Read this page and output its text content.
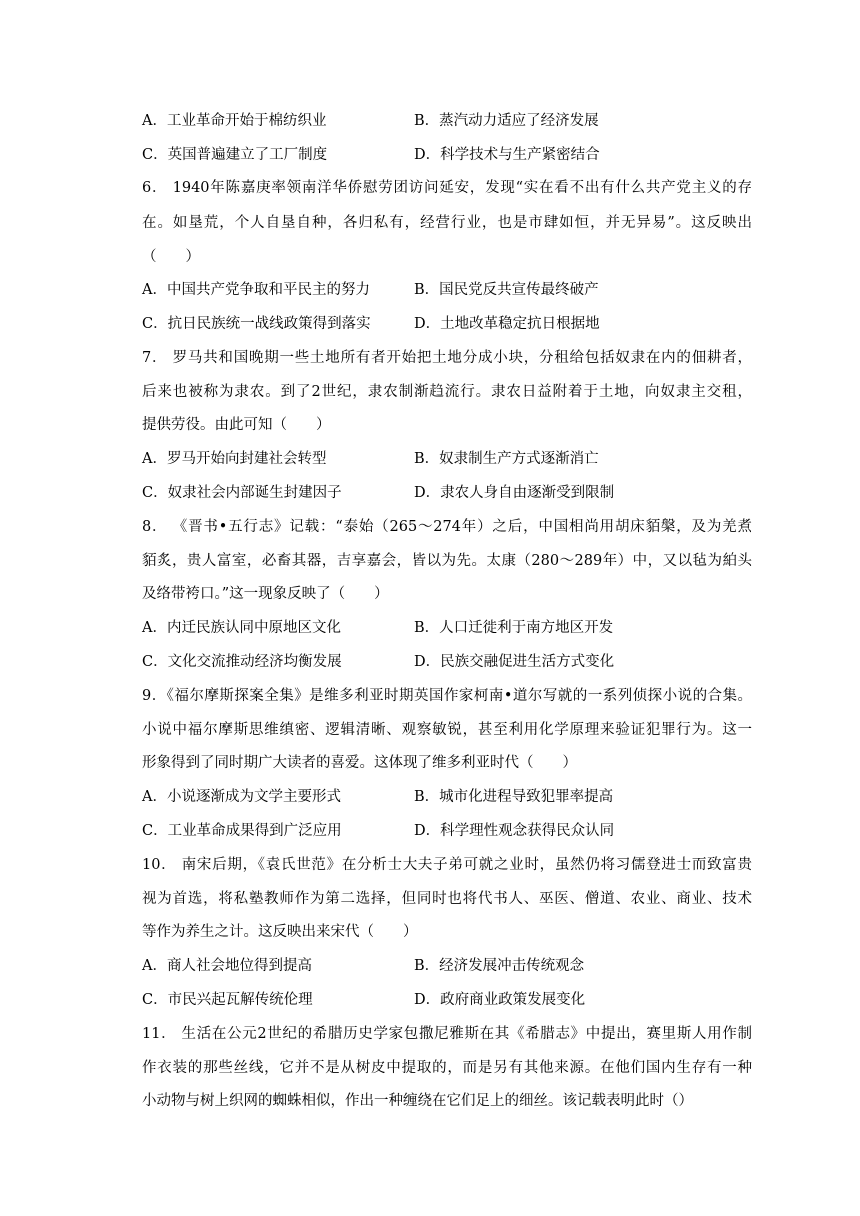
A．工业革命开始于棉纺织业	B．蒸汽动力适应了经济发展
C．英国普遍建立了工厂制度	D．科学技术与生产紧密结合
6． 1940年陈嘉庚率领南洋华侨慰劳团访问延安，发现“实在看不出有什么共产党主义的存
在。如垦荒，个人自垦自种，各归私有，经营行业，也是市肆如恒，并无异易”。这反映出
（　　）
A．中国共产党争取和平民主的努力	B．国民党反共宣传最终破产
C．抗日民族统一战线政策得到落实	D．土地改革稳定抗日根据地
7． 罗马共和国晚期一些土地所有者开始把土地分成小块，分租给包括奴隶在内的佃耕者，
后来也被称为隶农。到了2世纪，隶农制渐趋流行。隶农日益附着于土地，向奴隶主交租，
提供劳役。由此可知（　　）
A．罗马开始向封建社会转型	B．奴隶制生产方式逐渐消亡
C．奴隶社会内部诞生封建因子	D．隶农人身自由逐渐受到限制
8． 《晋书•五行志》记载：“泰始（265～274年）之后，中国相尚用胡床貊槃，及为羌煮
貊炙，贵人富室，必畜其器，吉享嘉会，皆以为先。太康（280～289年）中，又以毡为絈头
及络带袴口。”这一现象反映了（　　）
A．内迁民族认同中原地区文化	B．人口迁徙利于南方地区开发
C．文化交流推动经济均衡发展	D．民族交融促进生活方式变化
9．《福尔摩斯探案全集》是维多利亚时期英国作家柯南•道尔写就的一系列侦探小说的合集。
小说中福尔摩斯思维缜密、逻辑清晰、观察敏锐，甚至利用化学原理来验证犯罪行为。这一
形象得到了同时期广大读者的喜爱。这体现了维多利亚时代（　　）
A．小说逐渐成为文学主要形式	B．城市化进程导致犯罪率提高
C．工业革命成果得到广泛应用	D．科学理性观念获得民众认同
10． 南宋后期，《袁氏世范》在分析士大夫子弟可就之业时，虽然仍将习儒登进士而致富贵
视为首选，将私塾教师作为第二选择，但同时也将代书人、巫医、僧道、农业、商业、技术
等作为养生之计。这反映出来宋代（　　）
A．商人社会地位得到提高	B．经济发展冲击传统观念
C．市民兴起瓦解传统伦理	D．政府商业政策发展变化
11． 生活在公元2世纪的希腊历史学家包撒尼雅斯在其《希腊志》中提出，赛里斯人用作制
作衣装的那些丝线，它并不是从树皮中提取的，而是另有其他来源。在他们国内生存有一种
小动物与树上织网的蜘蛛相似，作出一种缠绕在它们足上的细丝。该记载表明此时（）
